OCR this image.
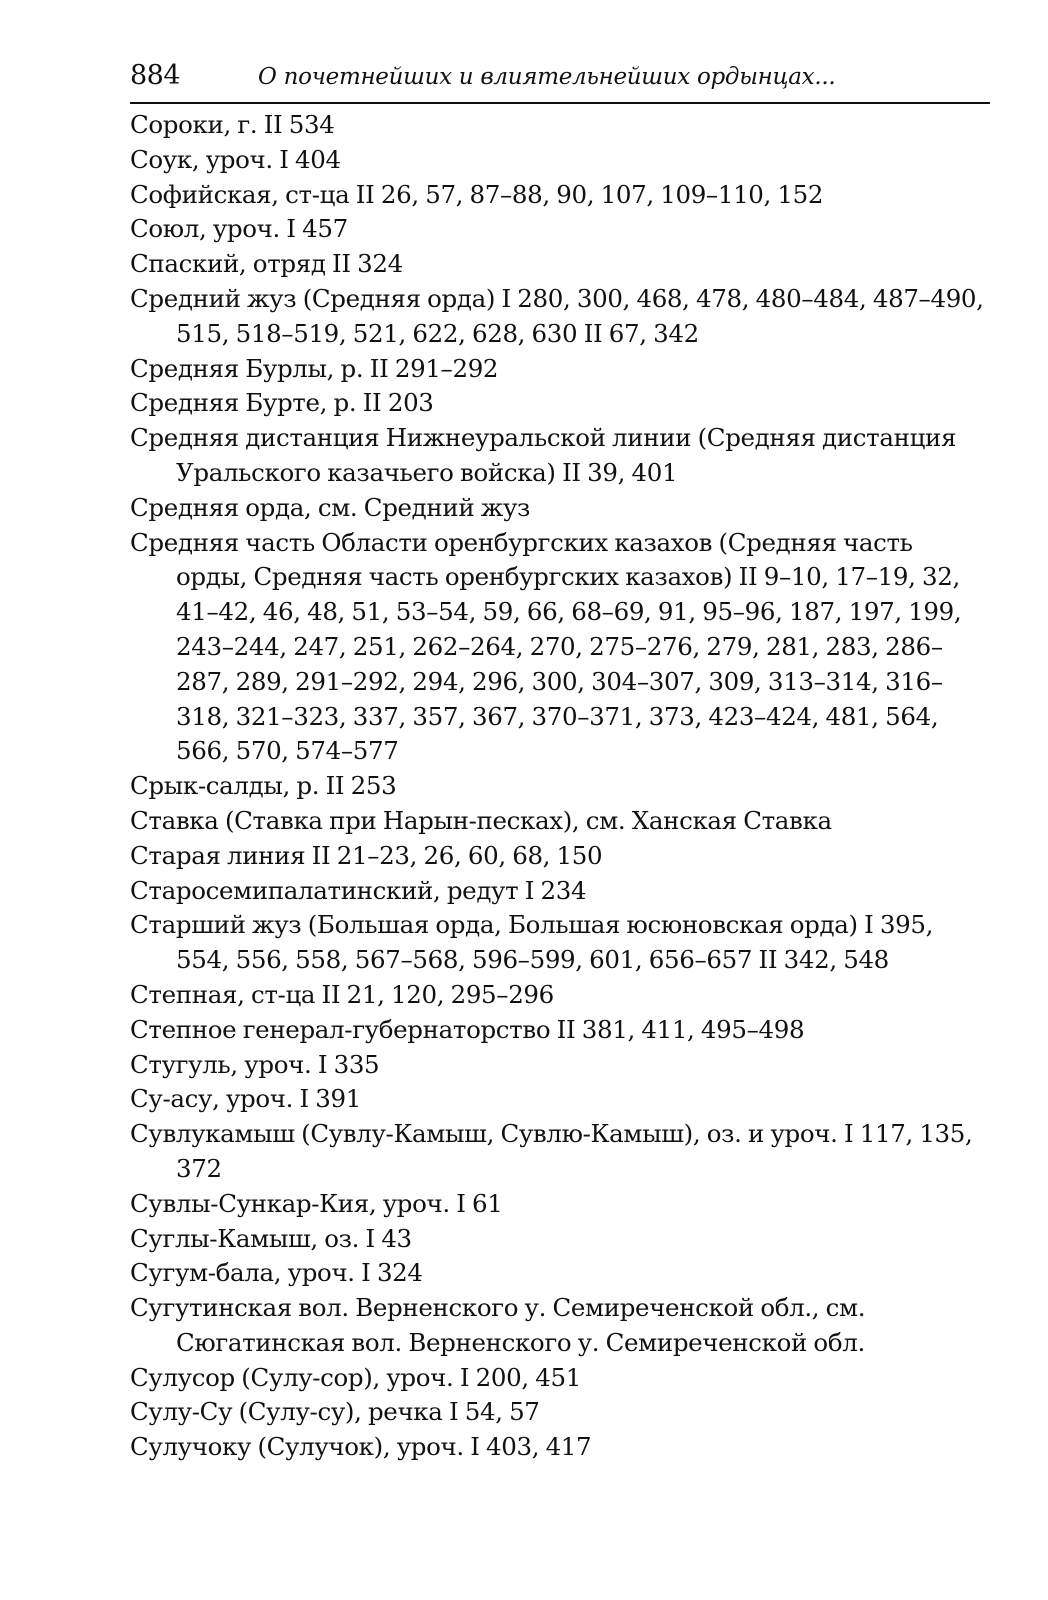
884	О почетнейших и влиятельнейших ордынцах...
Сороки, г. II 534
Соук, уроч. I 404
Софийская, ст-ца II 26, 57, 87–88, 90, 107, 109–110, 152
Союл, уроч. I 457
Спаский, отряд II 324
Средний жуз (Средняя орда) I 280, 300, 468, 478, 480–484, 487–490, 515, 518–519, 521, 622, 628, 630 II 67, 342
Средняя Бурлы, р. II 291–292
Средняя Бурте, р. II 203
Средняя дистанция Нижнеуральской линии (Средняя дистанция Уральского казачьего войска) II 39, 401
Средняя орда, см. Средний жуз
Средняя часть Области оренбургских казахов (Средняя часть орды, Средняя часть оренбургских казахов) II 9–10, 17–19, 32, 41–42, 46, 48, 51, 53–54, 59, 66, 68–69, 91, 95–96, 187, 197, 199, 243–244, 247, 251, 262–264, 270, 275–276, 279, 281, 283, 286–287, 289, 291–292, 294, 296, 300, 304–307, 309, 313–314, 316–318, 321–323, 337, 357, 367, 370–371, 373, 423–424, 481, 564, 566, 570, 574–577
Срык-салды, р. II 253
Ставка (Ставка при Нарын-песках), см. Ханская Ставка
Старая линия II 21–23, 26, 60, 68, 150
Старосемипалатинский, редут I 234
Старший жуз (Большая орда, Большая юсюновская орда) I 395, 554, 556, 558, 567–568, 596–599, 601, 656–657 II 342, 548
Степная, ст-ца II 21, 120, 295–296
Степное генерал-губернаторство II 381, 411, 495–498
Стугуль, уроч. I 335
Су-асу, уроч. I 391
Сувлукамыш (Сувлу-Камыш, Сувлю-Камыш), оз. и уроч. I 117, 135, 372
Сувлы-Сункар-Кия, уроч. I 61
Суглы-Камыш, оз. I 43
Сугум-бала, уроч. I 324
Сугутинская вол. Верненского у. Семиреченской обл., см. Сюгатинская вол. Верненского у. Семиреченской обл.
Сулусор (Сулу-сор), уроч. I 200, 451
Сулу-Су (Сулу-су), речка I 54, 57
Сулучоку (Сулучок), уроч. I 403, 417
